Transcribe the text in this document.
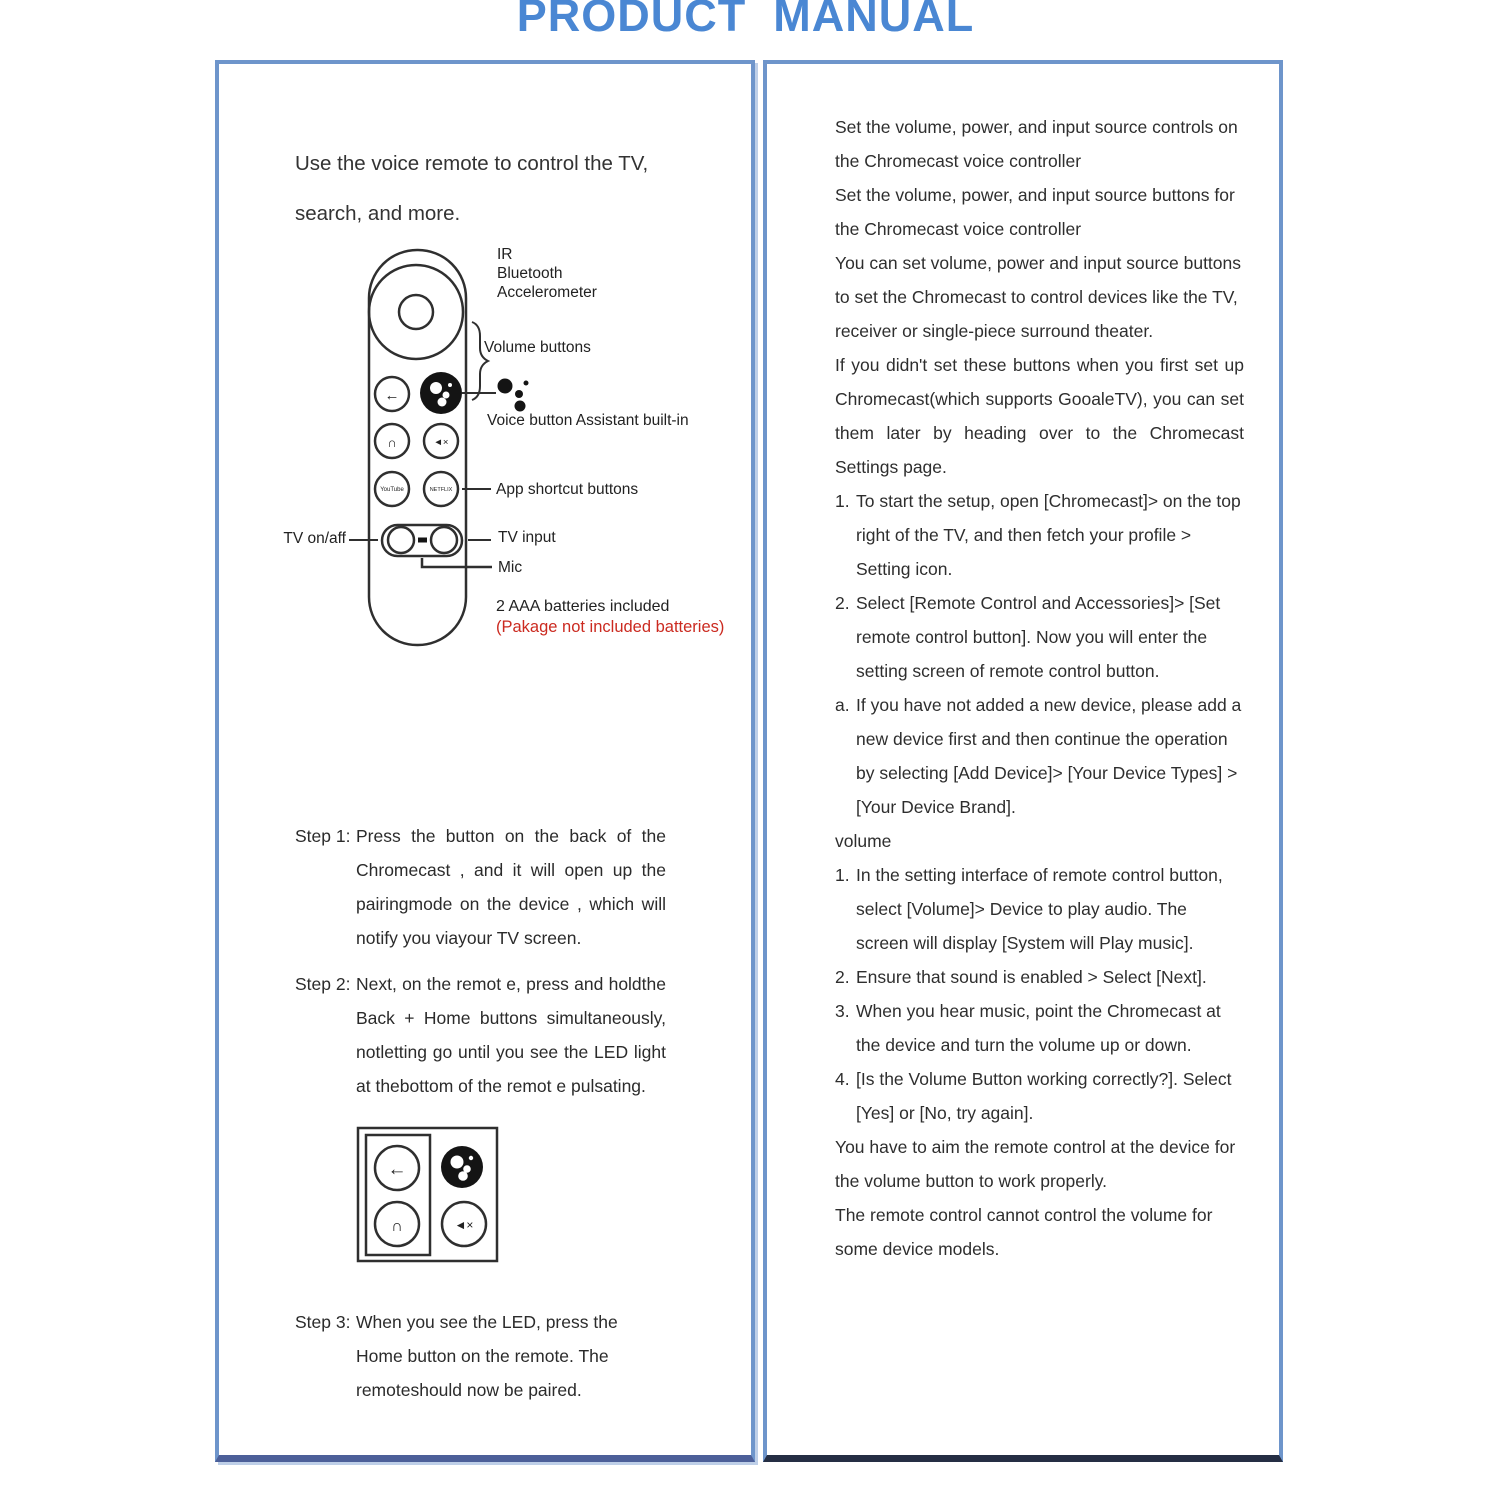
PRODUCT  MANUAL
Use the voice remote to control the TV, search, and more.
←
∩	◄×
YouTube	NETFLIX
IR
Bluetooth
Accelerometer
Volume buttons
Voice button Assistant built-in
App shortcut buttons
TV on/aff	TV input
Mic
2 AAA batteries included
(Pakage not included batteries)
Step 1: Press the button on the back of the Chromecast , and it will open up the pairingmode on the device , which will notify you viayour TV screen.
Step 2: Next, on the remot e, press and holdthe Back + Home buttons simultaneously, notletting go until you see the LED light at thebottom of the remot e pulsating.
←
∩	◄×
Step 3: When you see the LED, press the Home button on the remote. The remoteshould now be paired.

Set the volume, power, and input source controls on the Chromecast voice controller

Set the volume, power, and input source buttons for the Chromecast voice controller

You can set volume, power and input source buttons to set the Chromecast to control devices like the TV, receiver or single-piece surround theater.

If you didn't set these buttons when you first set up Chromecast(which supports GooaleTV), you can set them later by heading over to the Chromecast Settings page.

1. To start the setup, open [Chromecast]> on the top right of the TV, and then fetch your profile > Setting icon.
2. Select [Remote Control and Accessories]> [Set remote control button]. Now you will enter the setting screen of remote control button.
a. If you have not added a new device, please add a new device first and then continue the operation by selecting [Add Device]> [Your Device Types] > [Your Device Brand].

volume

1. In the setting interface of remote control button, select [Volume]> Device to play audio. The screen will display [System will Play music].
2. Ensure that sound is enabled > Select [Next].
3. When you hear music, point the Chromecast at the device and turn the volume up or down.
4. [Is the Volume Button working correctly?]. Select [Yes] or [No, try again].

You have to aim the remote control at the device for the volume button to work properly.

The remote control cannot control the volume for some device models.
